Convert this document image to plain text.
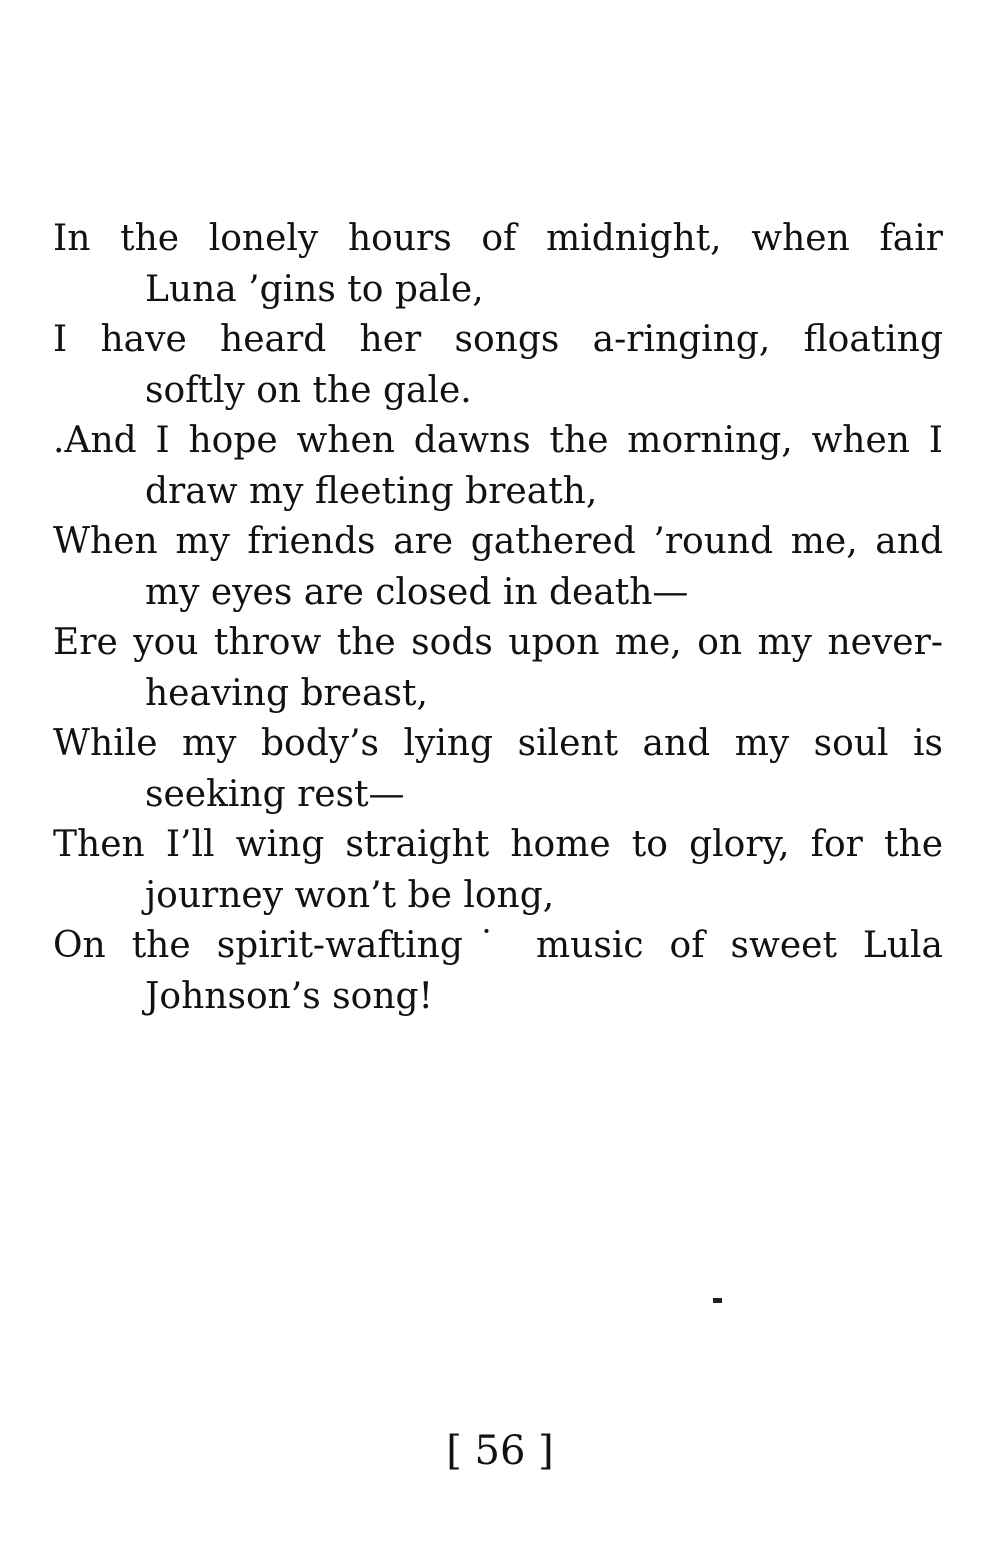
In the lonely hours of midnight, when fair
Luna ’gins to pale,

I have heard her songs a-ringing, floating
softly on the gale.

.And I hope when dawns the morning, when I
draw my fleeting breath,

When my friends are gathered ’round me, and
my eyes are closed in death—

Ere you throw the sods upon me, on my never-
heaving breast,

While my body’s lying silent and my soul is
seeking rest—

Then I’ll wing straight home to glory, for the
journey won’t be long,

On the spirit-wafting˙ music of sweet Lula
Johnson’s song!

[ 56 ]
